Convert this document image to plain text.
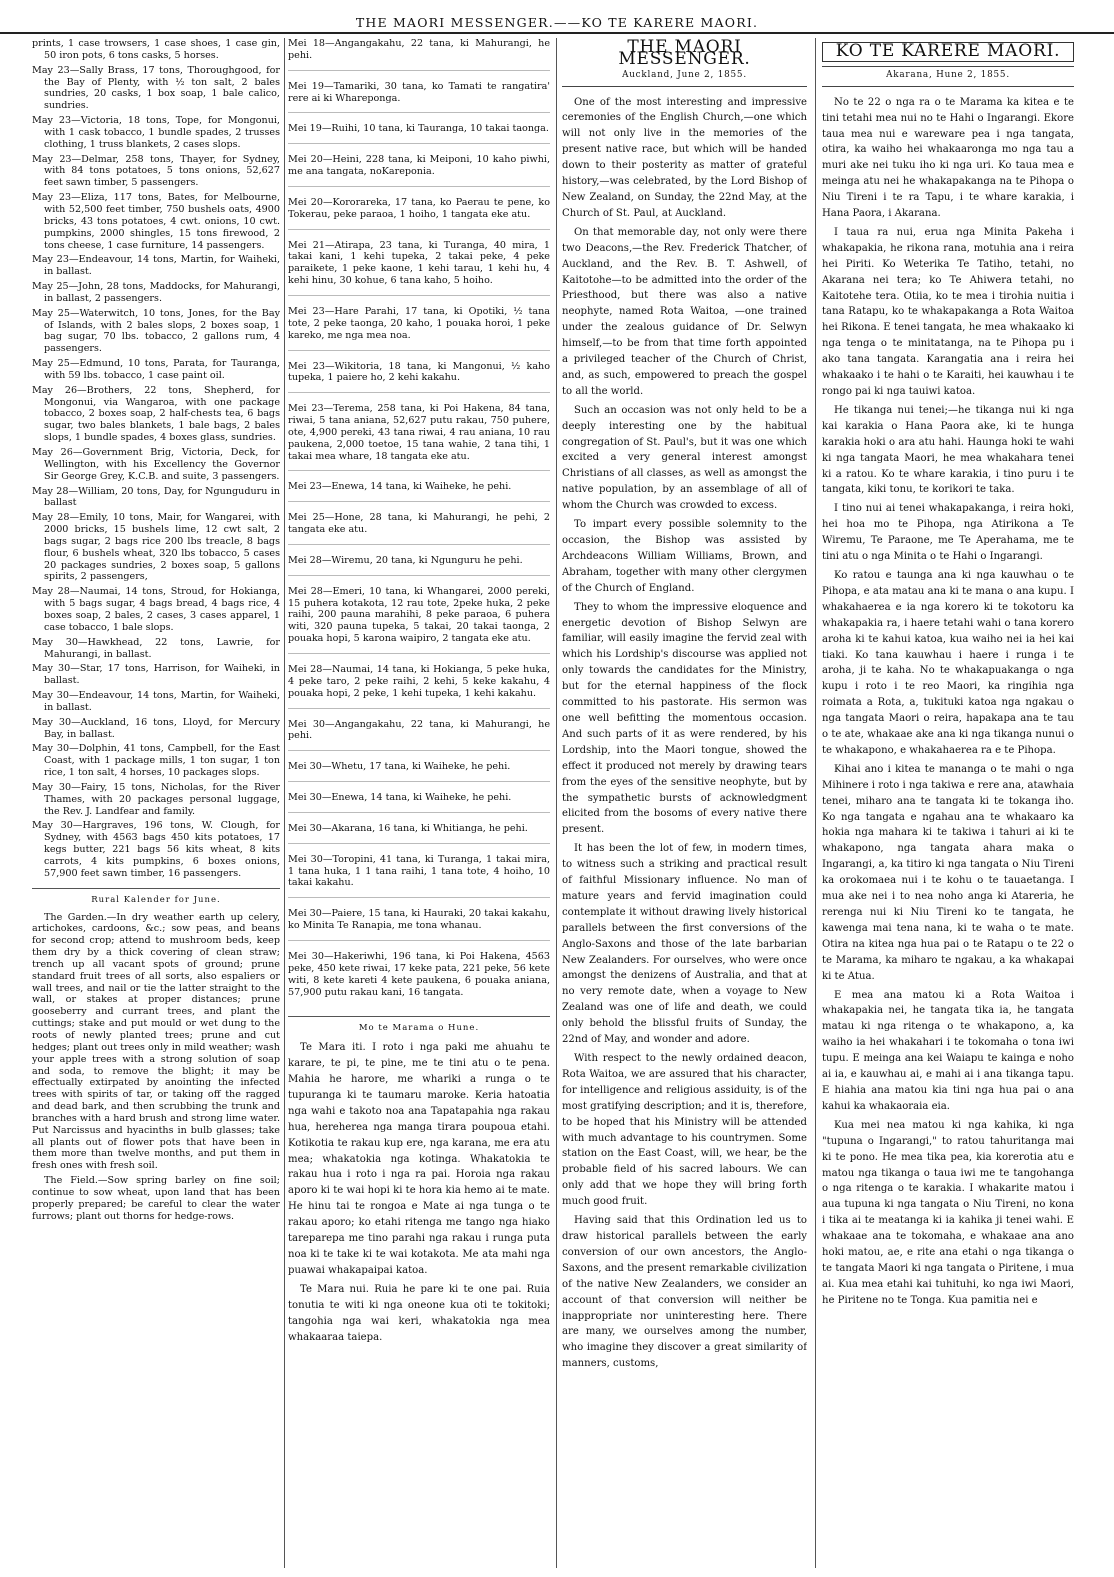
THE MAORI MESSENGER.——KO TE KARERE MAORI.
prints, 1 case trowsers, 1 case shoes, 1 case gin, 50 iron pots, 6 tons casks, 5 horses.
May 23—Sally Brass, 17 tons, Thoroughgood, for the Bay of Plenty, with ½ ton salt, 2 bales sundries, 20 casks, 1 box soap, 1 bale calico, sundries.
May 23—Victoria, 18 tons, Tope, for Mongonui, with 1 cask tobacco, 1 bundle spades, 2 trusses clothing, 1 truss blankets, 2 cases slops.
May 23—Delmar, 258 tons, Thayer, for Sydney, with 84 tons potatoes, 5 tons onions, 52,627 feet sawn timber, 5 passengers.
May 23—Eliza, 117 tons, Bates, for Melbourne, with 52,500 feet timber, 750 bushels oats, 4900 bricks, 43 tons potatoes, 4 cwt. onions, 10 cwt. pumpkins, 2000 shingles, 15 tons firewood, 2 tons cheese, 1 case furniture, 14 passengers.
May 23—Endeavour, 14 tons, Martin, for Waiheki, in ballast.
May 25—John, 28 tons, Maddocks, for Mahurangi, in ballast, 2 passengers.
May 25—Waterwitch, 10 tons, Jones, for the Bay of Islands, with 2 bales slops, 2 boxes soap, 1 bag sugar, 70 lbs. tobacco, 2 gallons rum, 4 passengers.
May 25—Edmund, 10 tons, Parata, for Tauranga, with 59 lbs. tobacco, 1 case paint oil.
May 26—Brothers, 22 tons, Shepherd, for Mongonui, via Wangaroa, with one package tobacco, 2 boxes soap, 2 half-chests tea, 6 bags sugar, two bales blankets, 1 bale bags, 2 bales slops, 1 bundle spades, 4 boxes glass, sundries.
May 26—Government Brig, Victoria, Deck, for Wellington, with his Excellency the Governor Sir George Grey, K.C.B. and suite, 3 passengers.
May 28—William, 20 tons, Day, for Ngunguduru in ballast
May 28—Emily, 10 tons, Mair, for Wangarei, with 2000 bricks, 15 bushels lime, 12 cwt salt, 2 bags sugar, 2 bags rice 200 lbs treacle, 8 bags flour, 6 bushels wheat, 320 lbs tobacco, 5 cases 20 packages sundries, 2 boxes soap, 5 gallons spirits, 2 passengers,
May 28—Naumai, 14 tons, Stroud, for Hokianga, with 5 bags sugar, 4 bags bread, 4 bags rice, 4 boxes soap, 2 bales, 2 cases, 3 cases apparel, 1 case tobacco, 1 bale slops.
May 30—Hawkhead, 22 tons, Lawrie, for Mahurangi, in ballast.
May 30—Star, 17 tons, Harrison, for Waiheki, in ballast.
May 30—Endeavour, 14 tons, Martin, for Waiheki, in ballast.
May 30—Auckland, 16 tons, Lloyd, for Mercury Bay, in ballast.
May 30—Dolphin, 41 tons, Campbell, for the East Coast, with 1 package mills, 1 ton sugar, 1 ton rice, 1 ton salt, 4 horses, 10 packages slops.
May 30—Fairy, 15 tons, Nicholas, for the River Thames, with 20 packages personal luggage, the Rev. J. Landfear and family.
May 30—Hargraves, 196 tons, W. Clough, for Sydney, with 4563 bags 450 kits potatoes, 17 kegs butter, 221 bags 56 kits wheat, 8 kits carrots, 4 kits pumpkins, 6 boxes onions, 57,900 feet sawn timber, 16 passengers.
Rural Kalender for June.
The Garden.—In dry weather earth up celery, artichokes, cardoons, &c.; sow peas, and beans for second crop; attend to mushroom beds, keep them dry by a thick covering of clean straw; trench up all vacant spots of ground; prune standard fruit trees of all sorts, also espaliers or wall trees, and nail or tie the latter straight to the wall, or stakes at proper distances; prune gooseberry and currant trees, and plant the cuttings; stake and put mould or wet dung to the roots of newly planted trees; prune and cut hedges; plant out trees only in mild weather; wash your apple trees with a strong solution of soap and soda, to remove the blight; it may be effectually extirpated by anointing the infected trees with spirits of tar, or taking off the ragged and dead bark, and then scrubbing the trunk and branches with a hard brush and strong lime water. Put Narcissus and hyacinths in bulb glasses; take all plants out of flower pots that have been in them more than twelve months, and put them in fresh ones with fresh soil.
The Field.—Sow spring barley on fine soil; continue to sow wheat, upon land that has been properly prepared; be careful to clear the water furrows; plant out thorns for hedge-rows.
Mei 18—Angangakahu, 22 tana, ki Mahurangi, he pehi.
Mei 19—Tamariki, 30 tana, ko Tamati te rangatira' rere ai ki Whareponga.
Mei 19—Ruihi, 10 tana, ki Tauranga, 10 takai taonga.
Mei 20—Heini, 228 tana, ki Meiponi, 10 kaho piwhi, me ana tangata, noKareponia.
Mei 20—Kororareka, 17 tana, ko Paerau te pene, ko Tokerau, peke paraoa, 1 hoiho, 1 tangata eke atu.
Mei 21—Atirapa, 23 tana, ki Turanga, 40 mira, 1 takai kani, 1 kehi tupeka, 2 takai peke, 4 peke paraikete, 1 peke kaone, 1 kehi tarau, 1 kehi hu, 4 kehi hinu, 30 kohue, 6 tana kaho, 5 hoiho.
Mei 23—Hare Parahi, 17 tana, ki Opotiki, ½ tana tote, 2 peke taonga, 20 kaho, 1 pouaka horoi, 1 peke kareko, me nga mea noa.
Mei 23—Wikitoria, 18 tana, ki Mangonui, ½ kaho tupeka, 1 paiere ho, 2 kehi kakahu.
Mei 23—Terema, 258 tana, ki Poi Hakena, 84 tana, riwai, 5 tana aniana, 52,627 putu rakau, 750 puhere, ote, 4,900 pereki, 43 tana riwai, 4 rau aniana, 10 rau paukena, 2,000 toetoe, 15 tana wahie, 2 tana tihi, 1 takai mea whare, 18 tangata eke atu.
Mei 23—Enewa, 14 tana, ki Waiheke, he pehi.
Mei 25—Hone, 28 tana, ki Mahurangi, he pehi, 2 tangata eke atu.
Mei 28—Wiremu, 20 tana, ki Ngunguru he pehi.
Mei 28—Emeri, 10 tana, ki Whangarei, 2000 pereki, 15 puhera kotakota, 12 rau tote, 2peke huka, 2 peke raihi, 200 pauna marahihi, 8 peke paraoa, 6 puhera witi, 320 pauna tupeka, 5 takai, 20 takai taonga, 2 pouaka hopi, 5 karona waipiro, 2 tangata eke atu.
Mei 28—Naumai, 14 tana, ki Hokianga, 5 peke huka, 4 peke taro, 2 peke raihi, 2 kehi, 5 keke kakahu, 4 pouaka hopi, 2 peke, 1 kehi tupeka, 1 kehi kakahu.
Mei 30—Angangakahu, 22 tana, ki Mahurangi, he pehi.
Mei 30—Whetu, 17 tana, ki Waiheke, he pehi.
Mei 30—Enewa, 14 tana, ki Waiheke, he pehi.
Mei 30—Akarana, 16 tana, ki Whitianga, he pehi.
Mei 30—Toropini, 41 tana, ki Turanga, 1 takai mira, 1 tana huka, 1 1 tana raihi, 1 tana tote, 4 hoiho, 10 takai kakahu.
Mei 30—Paiere, 15 tana, ki Hauraki, 20 takai kakahu, ko Minita Te Ranapia, me tona whanau.
Mei 30—Hakeriwhi, 196 tana, ki Poi Hakena, 4563 peke, 450 kete riwai, 17 keke pata, 221 peke, 56 kete witi, 8 kete kareti 4 kete paukena, 6 pouaka aniana, 57,900 putu rakau kani, 16 tangata.
Mo te Marama o Hune.
Te Mara iti. I roto i nga paki me ahuahu te karare, te pi, te pine, me te tini atu o te pena. Mahia he harore, me whariki a runga o te tupuranga ki te taumaru maroke. Keria hatoatia nga wahi e takoto noa ana Tapatapahia nga rakau hua, hereherea nga manga tirara poupoua etahi. Kotikotia te rakau kup ere, nga karana, me era atu mea; whakatokia nga kotinga. Whakatokia te rakau hua i roto i nga ra pai. Horoia nga rakau aporo ki te wai hopi ki te hora kia hemo ai te mate. He hinu tai te rongoa e Mate ai nga tunga o te rakau aporo; ko etahi ritenga me tango nga hiako tareparepa me tino parahi nga rakau i runga puta noa ki te take ki te wai kotakota. Me ata mahi nga puawai whakapaipai katoa.
Te Mara nui. Ruia he pare ki te one pai. Ruia tonutia te witi ki nga oneone kua oti te tokitoki; tangohia nga wai keri, whakatokia nga mea whakaaraa taiepa.
THE MAORI MESSENGER.
Auckland, June 2, 1855.
One of the most interesting and impressive ceremonies of the English Church,—one which will not only live in the memories of the present native race, but which will be handed down to their posterity as matter of grateful history,—was celebrated, by the Lord Bishop of New Zealand, on Sunday, the 22nd May, at the Church of St. Paul, at Auckland.
On that memorable day, not only were there two Deacons,—the Rev. Frederick Thatcher, of Auckland, and the Rev. B. T. Ashwell, of Kaitotohe—to be admitted into the order of the Priesthood, but there was also a native neophyte, named Rota Waitoa, —one trained under the zealous guidance of Dr. Selwyn himself,—to be from that time forth appointed a privileged teacher of the Church of Christ, and, as such, empowered to preach the gospel to all the world.
Such an occasion was not only held to be a deeply interesting one by the habitual congregation of St. Paul's, but it was one which excited a very general interest amongst Christians of all classes, as well as amongst the native population, by an assemblage of all of whom the Church was crowded to excess.
To impart every possible solemnity to the occasion, the Bishop was assisted by Archdeacons William Williams, Brown, and Abraham, together with many other clergymen of the Church of England.
They to whom the impressive eloquence and energetic devotion of Bishop Selwyn are familiar, will easily imagine the fervid zeal with which his Lordship's discourse was applied not only towards the candidates for the Ministry, but for the eternal happiness of the flock committed to his pastorate. His sermon was one well befitting the momentous occasion. And such parts of it as were rendered, by his Lordship, into the Maori tongue, showed the effect it produced not merely by drawing tears from the eyes of the sensitive neophyte, but by the sympathetic bursts of acknowledgment elicited from the bosoms of every native there present.
It has been the lot of few, in modern times, to witness such a striking and practical result of faithful Missionary influence. No man of mature years and fervid imagination could contemplate it without drawing lively historical parallels between the first conversions of the Anglo-Saxons and those of the late barbarian New Zealanders. For ourselves, who were once amongst the denizens of Australia, and that at no very remote date, when a voyage to New Zealand was one of life and death, we could only behold the blissful fruits of Sunday, the 22nd of May, and wonder and adore.
With respect to the newly ordained deacon, Rota Waitoa, we are assured that his character, for intelligence and religious assiduity, is of the most gratifying description; and it is, therefore, to be hoped that his Ministry will be attended with much advantage to his countrymen. Some station on the East Coast, will, we hear, be the probable field of his sacred labours. We can only add that we hope they will bring forth much good fruit.
Having said that this Ordination led us to draw historical parallels between the early conversion of our own ancestors, the Anglo-Saxons, and the present remarkable civilization of the native New Zealanders, we consider an account of that conversion will neither be inappropriate nor uninteresting here. There are many, we ourselves among the number, who imagine they discover a great similarity of manners, customs,
KO TE KARERE MAORI.
Akarana, Hune 2, 1855.
No te 22 o nga ra o te Marama ka kitea e te tini tetahi mea nui no te Hahi o Ingarangi. Ekore taua mea nui e wareware pea i nga tangata, otira, ka waiho hei whakaaronga mo nga tau a muri ake nei tuku iho ki nga uri. Ko taua mea e meinga atu nei he whakapakanga na te Pihopa o Niu Tireni i te ra Tapu, i te whare karakia, i Hana Paora, i Akarana.
I taua ra nui, erua nga Minita Pakeha i whakapakia, he rikona rana, motuhia ana i reira hei Piriti. Ko Weterika Te Tatiho, tetahi, no Akarana nei tera; ko Te Ahiwera tetahi, no Kaitotehe tera. Otiia, ko te mea i tirohia nuitia i tana Ratapu, ko te whakapakanga a Rota Waitoa hei Rikona. E tenei tangata, he mea whakaako ki nga tenga o te minitatanga, na te Pihopa pu i ako tana tangata. Karangatia ana i reira hei whakaako i te hahi o te Karaiti, hei kauwhau i te rongo pai ki nga tauiwi katoa.
He tikanga nui tenei;—he tikanga nui ki nga kai karakia o Hana Paora ake, ki te hunga karakia hoki o ara atu hahi. Haunga hoki te wahi ki nga tangata Maori, he mea whakahara tenei ki a ratou. Ko te whare karakia, i tino puru i te tangata, kiki tonu, te korikori te taka.
I tino nui ai tenei whakapakanga, i reira hoki, hei hoa mo te Pihopa, nga Atirikona a Te Wiremu, Te Paraone, me Te Aperahama, me te tini atu o nga Minita o te Hahi o Ingarangi.
Ko ratou e taunga ana ki nga kauwhau o te Pihopa, e ata matau ana ki te mana o ana kupu. I whakahaerea e ia nga korero ki te tokotoru ka whakapakia ra, i haere tetahi wahi o tana korero aroha ki te kahui katoa, kua waiho nei ia hei kai tiaki. Ko tana kauwhau i haere i runga i te aroha, ji te kaha. No te whakapuakanga o nga kupu i roto i te reo Maori, ka ringihia nga roimata a Rota, a, tukituki katoa nga ngakau o nga tangata Maori o reira, hapakapa ana te tau o te ate, whakaae ake ana ki nga tikanga nunui o te whakapono, e whakahaerea ra e te Pihopa.
Kihai ano i kitea te mananga o te mahi o nga Mihinere i roto i nga takiwa e rere ana, atawhaia tenei, miharo ana te tangata ki te tokanga iho. Ko nga tangata e ngahau ana te whakaaro ka hokia nga mahara ki te takiwa i tahuri ai ki te whakapono, nga tangata ahara maka o Ingarangi, a, ka titiro ki nga tangata o Niu Tireni ka orokomaea nui i te kohu o te tauaetanga. I mua ake nei i to nea noho anga ki Atareria, he rerenga nui ki Niu Tireni ko te tangata, he kawenga mai tena nana, ki te waha o te mate. Otira na kitea nga hua pai o te Ratapu o te 22 o te Marama, ka miharo te ngakau, a ka whakapai ki te Atua.
E mea ana matou ki a Rota Waitoa i whakapakia nei, he tangata tika ia, he tangata matau ki nga ritenga o te whakapono, a, ka waiho ia hei whakahari i te tokomaha o tona iwi tupu. E meinga ana kei Waiapu te kainga e noho ai ia, e kauwhau ai, e mahi ai i ana tikanga tapu. E hiahia ana matou kia tini nga hua pai o ana kahui ka whakaoraia eia.
Kua mei nea matou ki nga kahika, ki nga "tupuna o Ingarangi," to ratou tahuritanga mai ki te pono. He mea tika pea, kia korerotia atu e matou nga tikanga o taua iwi me te tangohanga o nga ritenga o te karakia. I whakarite matou i aua tupuna ki nga tangata o Niu Tireni, no kona i tika ai te meatanga ki ia kahika ji tenei wahi. E whakaae ana te tokomaha, e whakaae ana ano hoki matou, ae, e rite ana etahi o nga tikanga o te tangata Maori ki nga tangata o Piritene, i mua ai. Kua mea etahi kai tuhituhi, ko nga iwi Maori, he Piritene no te Tonga. Kua pamitia nei e
